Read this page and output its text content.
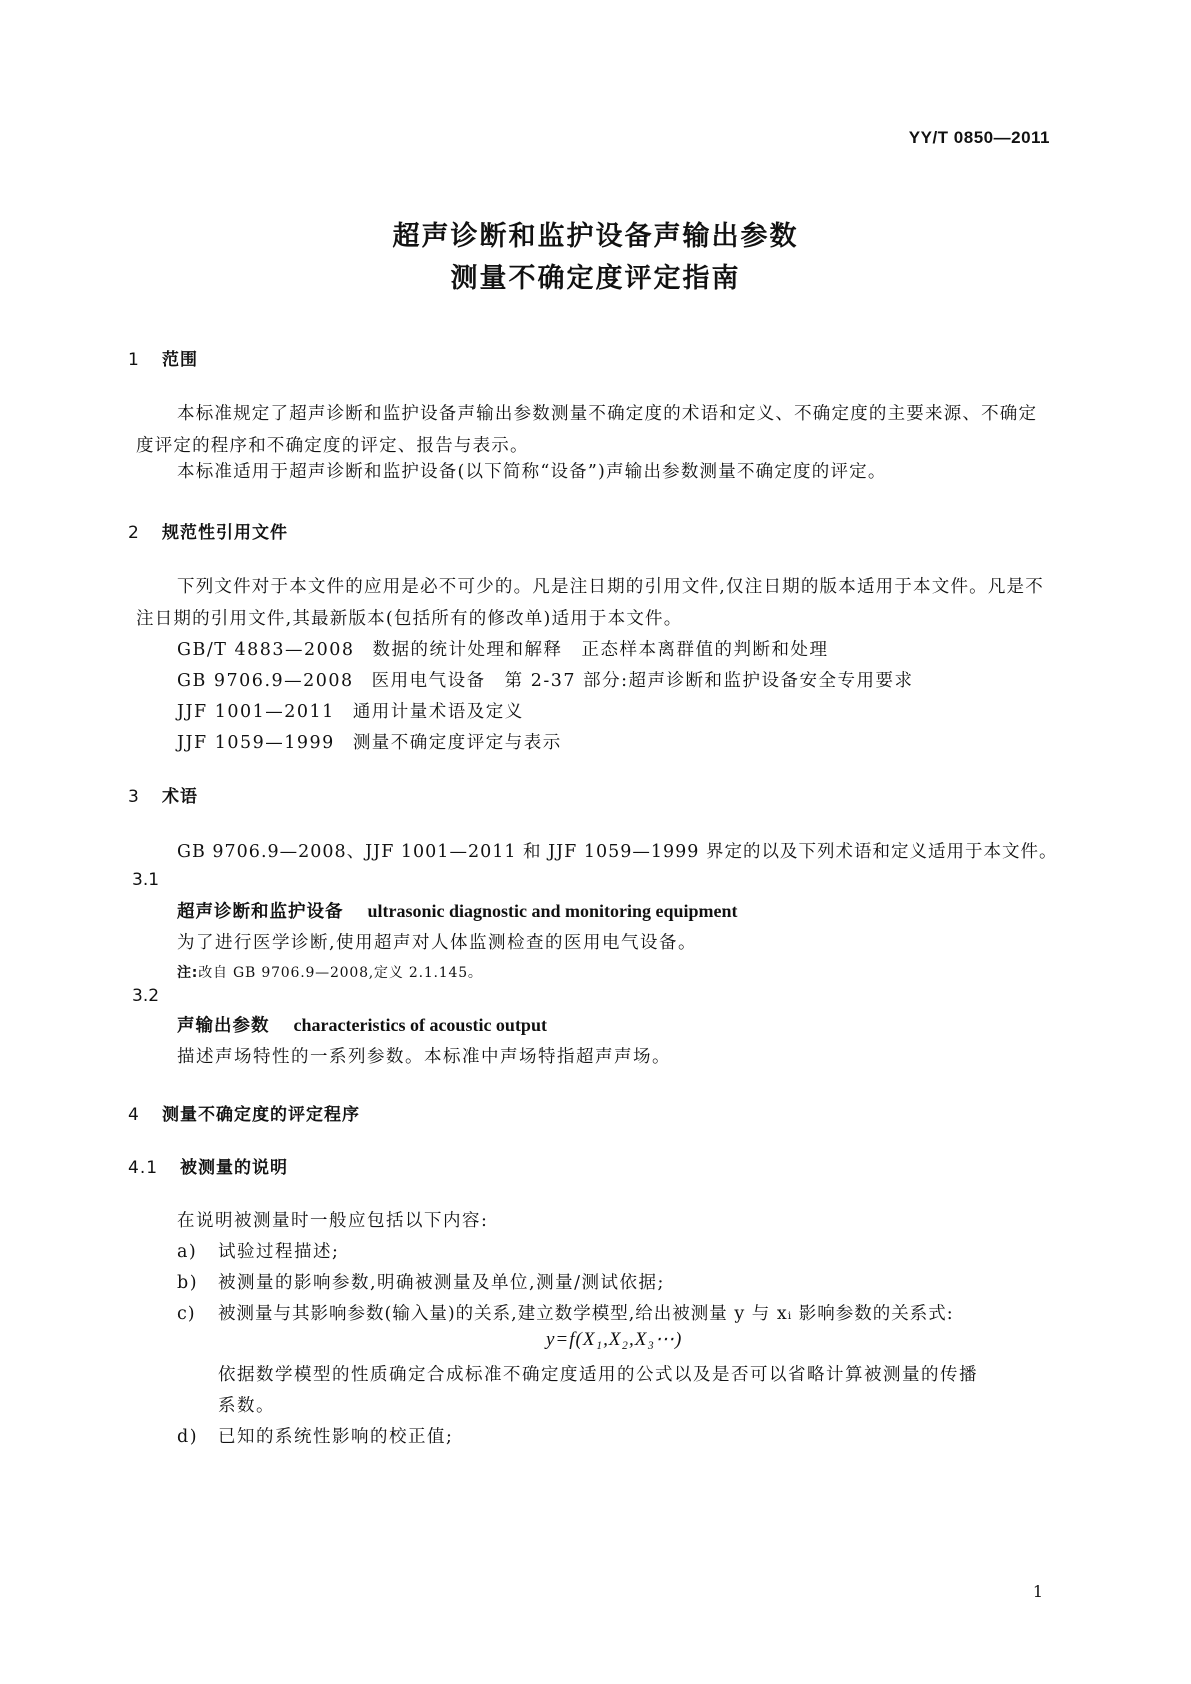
YY/T 0850—2011
超声诊断和监护设备声输出参数
测量不确定度评定指南
1 范围
本标准规定了超声诊断和监护设备声输出参数测量不确定度的术语和定义、不确定度的主要来源、不确定度评定的程序和不确定度的评定、报告与表示。
本标准适用于超声诊断和监护设备(以下简称“设备”)声输出参数测量不确定度的评定。
2 规范性引用文件
下列文件对于本文件的应用是必不可少的。凡是注日期的引用文件,仅注日期的版本适用于本文件。凡是不注日期的引用文件,其最新版本(包括所有的修改单)适用于本文件。
GB/T 4883—2008 数据的统计处理和解释　正态样本离群值的判断和处理
GB 9706.9—2008 医用电气设备　第 2-37 部分:超声诊断和监护设备安全专用要求
JJF 1001—2011 通用计量术语及定义
JJF 1059—1999 测量不确定度评定与表示
3 术语
GB 9706.9—2008、JJF 1001—2011 和 JJF 1059—1999 界定的以及下列术语和定义适用于本文件。
3.1
超声诊断和监护设备 ultrasonic diagnostic and monitoring equipment
为了进行医学诊断,使用超声对人体监测检查的医用电气设备。
注:改自 GB 9706.9—2008,定义 2.1.145。
3.2
声输出参数 characteristics of acoustic output
描述声场特性的一系列参数。本标准中声场特指超声声场。
4 测量不确定度的评定程序
4.1 被测量的说明
在说明被测量时一般应包括以下内容:
a) 试验过程描述;
b) 被测量的影响参数,明确被测量及单位,测量/测试依据;
c) 被测量与其影响参数(输入量)的关系,建立数学模型,给出被测量 y 与 xᵢ 影响参数的关系式:
y=f(X₁,X₂,X₃⋯)
依据数学模型的性质确定合成标准不确定度适用的公式以及是否可以省略计算被测量的传播
系数。
d) 已知的系统性影响的校正值;
1
